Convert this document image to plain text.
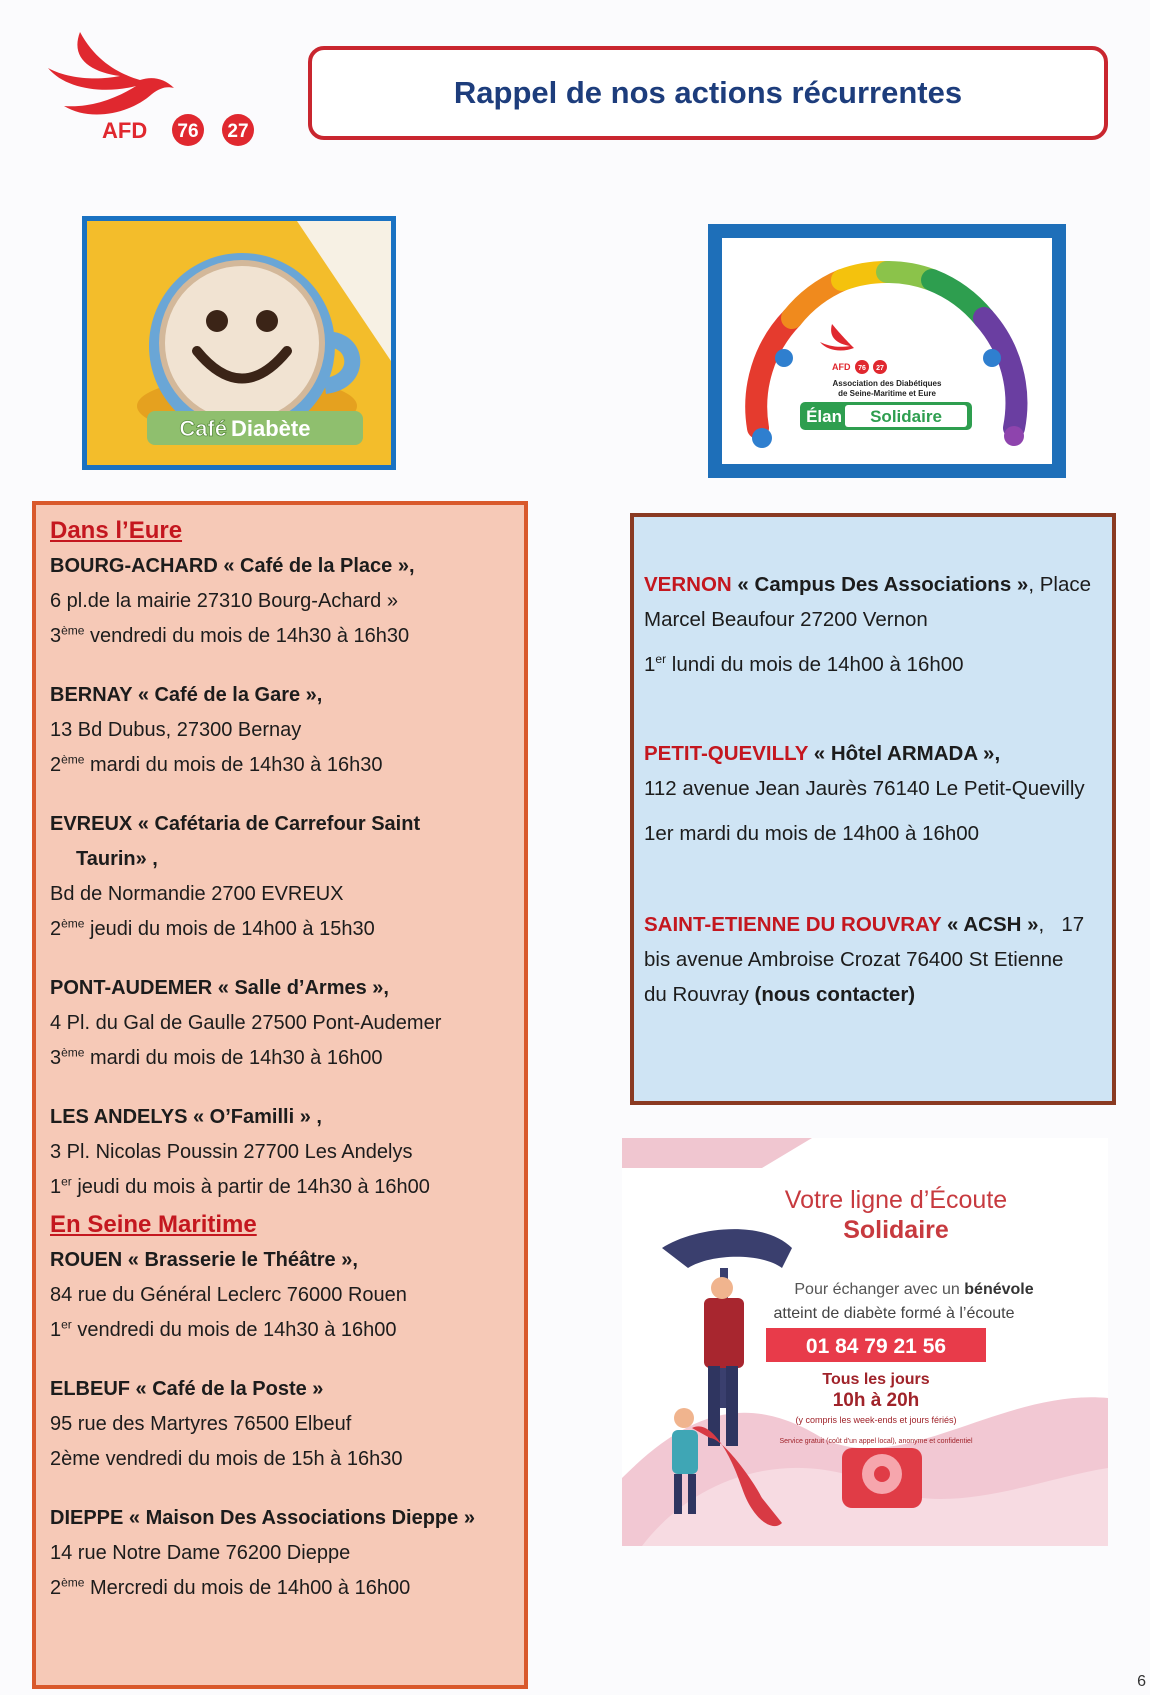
AFD 76 27
Rappel de nos actions récurrentes
Café Diabète
AFD 76 27
Association des Diabétiques
de Seine-Maritime et Eure
Élan Solidaire
Dans l’Eure
BOURG-ACHARD « Café de la Place »,
6 pl.de la mairie 27310 Bourg-Achard »
3ème vendredi du mois de 14h30 à 16h30
BERNAY « Café de la Gare »,
13 Bd Dubus, 27300 Bernay
2ème mardi du mois de 14h30 à 16h30
EVREUX « Cafétaria de Carrefour Saint
Taurin» ,
Bd de Normandie 2700 EVREUX
2ème jeudi du mois de 14h00 à 15h30
PONT-AUDEMER « Salle d’Armes »,
4 Pl. du Gal de Gaulle 27500 Pont-Audemer
3ème mardi du mois de 14h30 à 16h00
LES ANDELYS « O’Familli » ,
3 Pl. Nicolas Poussin 27700 Les Andelys
1er jeudi du mois à partir de 14h30 à 16h00
En Seine Maritime
ROUEN « Brasserie le Théâtre »,
84 rue du Général Leclerc 76000 Rouen
1er vendredi du mois de 14h30 à 16h00
ELBEUF « Café de la Poste »
95 rue des Martyres 76500 Elbeuf
2ème vendredi du mois de 15h à 16h30
DIEPPE « Maison Des Associations Dieppe »
14 rue Notre Dame 76200 Dieppe
2ème Mercredi du mois de 14h00 à 16h00
VERNON « Campus Des Associations », Place
Marcel Beaufour 27200 Vernon
1er lundi du mois de 14h00 à 16h00
PETIT-QUEVILLY « Hôtel ARMADA »,
112 avenue Jean Jaurès 76140 Le Petit-Quevilly
1er mardi du mois de 14h00 à 16h00
SAINT-ETIENNE DU ROUVRAY « ACSH »,   17
bis avenue Ambroise Crozat 76400 St Etienne
du Rouvray (nous contacter)
Votre ligne d’Écoute
Solidaire
Pour échanger avec un bénévole
atteint de diabète formé à l’écoute
01 84 79 21 56
Tous les jours
10h à 20h
(y compris les week-ends et jours fériés)
Service gratuit (coût d’un appel local), anonyme et confidentiel
6
